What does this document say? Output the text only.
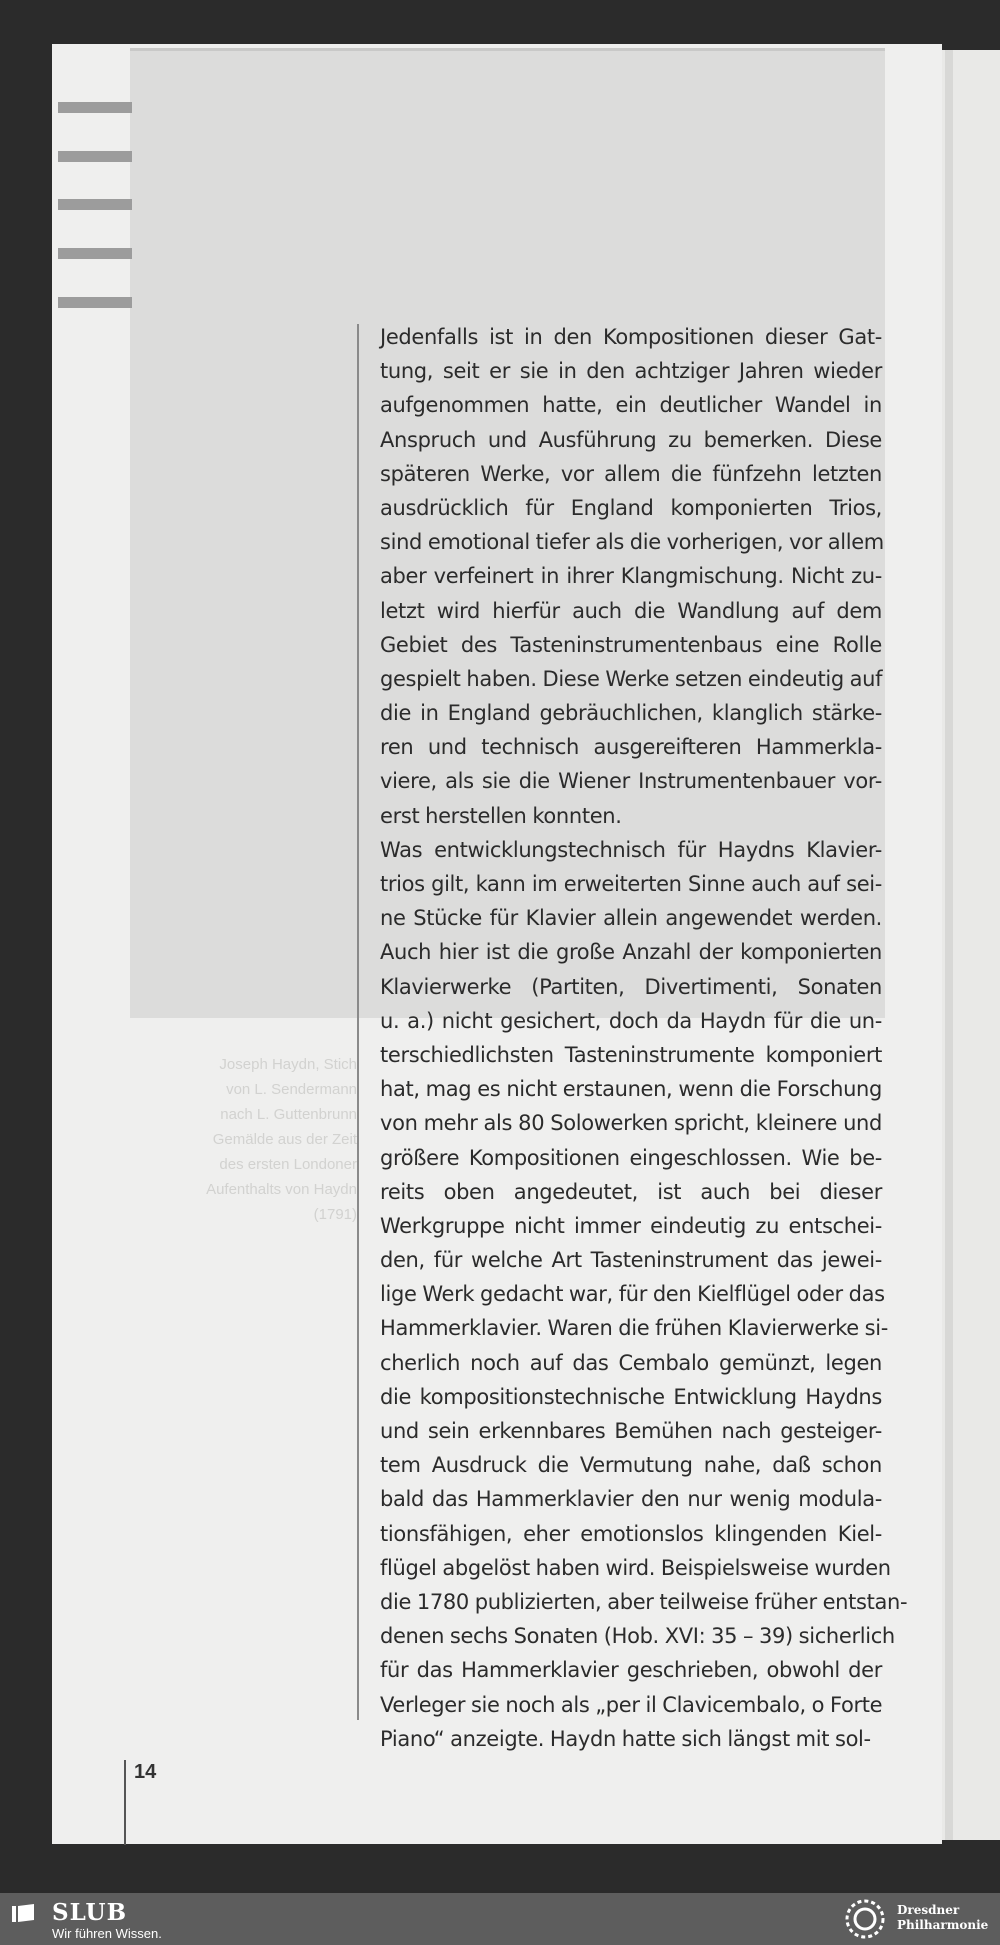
Joseph Haydn, Stich
von L. Sendermann
nach L. Guttenbrunn
Gemälde aus der Zeit
des ersten Londoner
Aufenthalts von Haydn
(1791)
Jedenfalls ist in den Kompositionen dieser Gat-
tung, seit er sie in den achtziger Jahren wieder
aufgenommen hatte, ein deutlicher Wandel in
Anspruch und Ausführung zu bemerken. Diese
späteren Werke, vor allem die fünfzehn letzten
ausdrücklich für England komponierten Trios,
sind emotional tiefer als die vorherigen, vor allem
aber verfeinert in ihrer Klangmischung. Nicht zu-
letzt wird hierfür auch die Wandlung auf dem
Gebiet des Tasteninstrumentenbaus eine Rolle
gespielt haben. Diese Werke setzen eindeutig auf
die in England gebräuchlichen, klanglich stärke-
ren und technisch ausgereifteren Hammerkla-
viere, als sie die Wiener Instrumentenbauer vor-
erst herstellen konnten.
Was entwicklungstechnisch für Haydns Klavier-
trios gilt, kann im erweiterten Sinne auch auf sei-
ne Stücke für Klavier allein angewendet werden.
Auch hier ist die große Anzahl der komponierten
Klavierwerke (Partiten, Divertimenti, Sonaten
u. a.) nicht gesichert, doch da Haydn für die un-
terschiedlichsten Tasteninstrumente komponiert
hat, mag es nicht erstaunen, wenn die Forschung
von mehr als 80 Solowerken spricht, kleinere und
größere Kompositionen eingeschlossen. Wie be-
reits oben angedeutet, ist auch bei dieser
Werkgruppe nicht immer eindeutig zu entschei-
den, für welche Art Tasteninstrument das jewei-
lige Werk gedacht war, für den Kielflügel oder das
Hammerklavier. Waren die frühen Klavierwerke si-
cherlich noch auf das Cembalo gemünzt, legen
die kompositionstechnische Entwicklung Haydns
und sein erkennbares Bemühen nach gesteiger-
tem Ausdruck die Vermutung nahe, daß schon
bald das Hammerklavier den nur wenig modula-
tionsfähigen, eher emotionslos klingenden Kiel-
flügel abgelöst haben wird. Beispielsweise wurden
die 1780 publizierten, aber teilweise früher entstan-
denen sechs Sonaten (Hob. XVI: 35 – 39) sicherlich
für das Hammerklavier geschrieben, obwohl der
Verleger sie noch als „per il Clavicembalo, o Forte
Piano“ anzeigte. Haydn hatte sich längst mit sol-
14
SLUB
Wir führen Wissen.
Dresdner
Philharmonie
